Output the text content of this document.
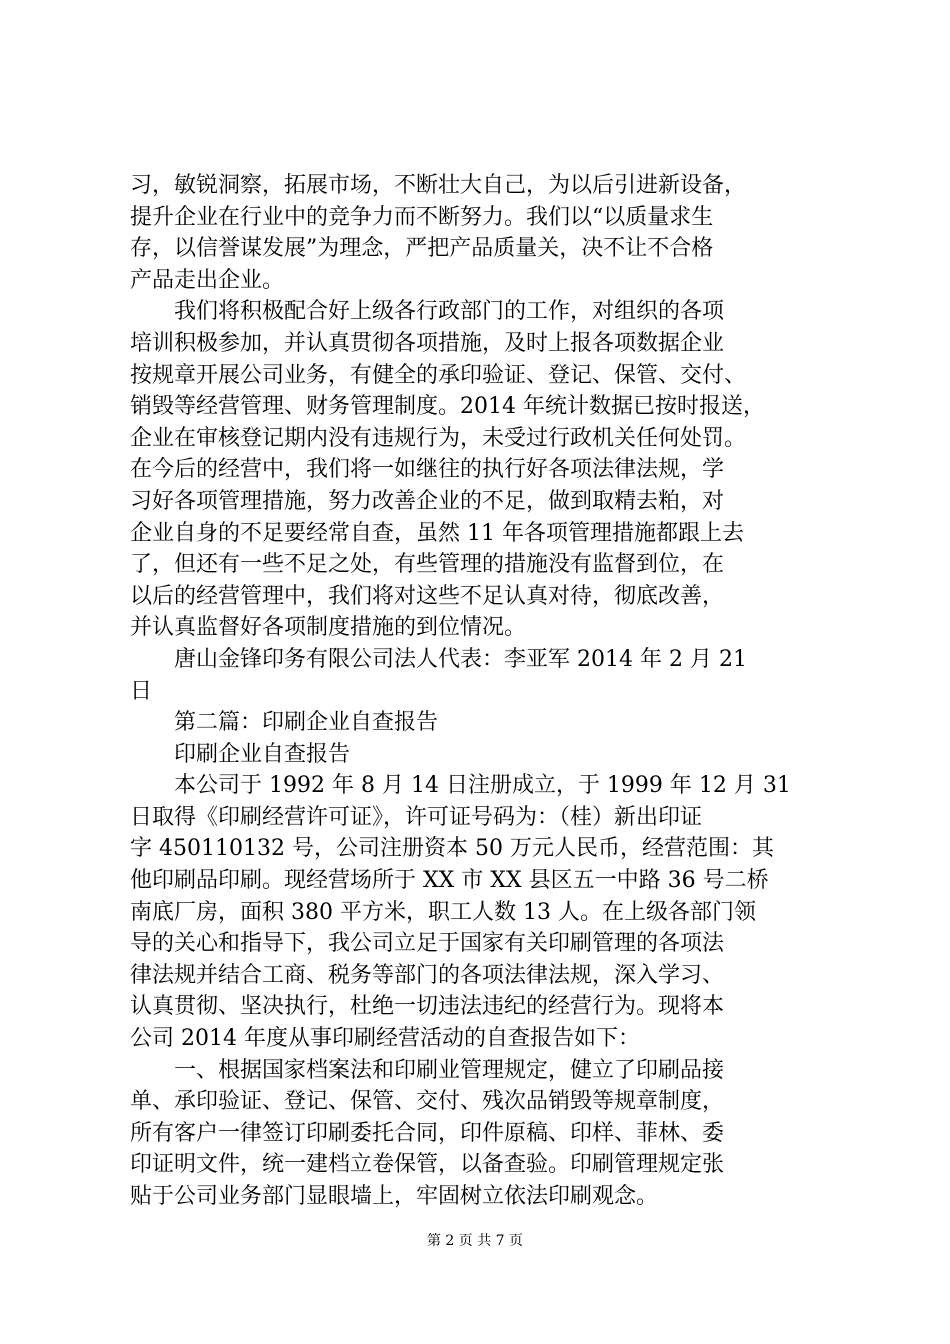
习，敏锐洞察，拓展市场，不断壮大自己，为以后引进新设备，
提升企业在行业中的竞争力而不断努力。我们以“以质量求生
存，以信誉谋发展”为理念，严把产品质量关，决不让不合格
产品走出企业。
　　我们将积极配合好上级各行政部门的工作，对组织的各项
培训积极参加，并认真贯彻各项措施，及时上报各项数据企业
按规章开展公司业务，有健全的承印验证、登记、保管、交付、
销毁等经营管理、财务管理制度。2014 年统计数据已按时报送，
企业在审核登记期内没有违规行为，未受过行政机关任何处罚。
在今后的经营中，我们将一如继往的执行好各项法律法规，学
习好各项管理措施，努力改善企业的不足，做到取精去粕，对
企业自身的不足要经常自查，虽然 11 年各项管理措施都跟上去
了，但还有一些不足之处，有些管理的措施没有监督到位，在
以后的经营管理中，我们将对这些不足认真对待，彻底改善，
并认真监督好各项制度措施的到位情况。
　　唐山金锋印务有限公司法人代表：李亚军 2014 年 2 月 21
日
　　第二篇：印刷企业自查报告
　　印刷企业自查报告
　　本公司于 1992 年 8 月 14 日注册成立，于 1999 年 12 月 31
日取得《印刷经营许可证》，许可证号码为：（桂）新出印证
字 450110132 号，公司注册资本 50 万元人民币，经营范围：其
他印刷品印刷。现经营场所于 XX 市 XX 县区五一中路 36 号二桥
南底厂房，面积 380 平方米，职工人数 13 人。在上级各部门领
导的关心和指导下，我公司立足于国家有关印刷管理的各项法
律法规并结合工商、税务等部门的各项法律法规，深入学习、
认真贯彻、坚决执行，杜绝一切违法违纪的经营行为。现将本
公司 2014 年度从事印刷经营活动的自查报告如下：
　　一、根据国家档案法和印刷业管理规定，健立了印刷品接
单、承印验证、登记、保管、交付、残次品销毁等规章制度，
所有客户一律签订印刷委托合同，印件原稿、印样、菲林、委
印证明文件，统一建档立卷保管，以备查验。印刷管理规定张
贴于公司业务部门显眼墙上，牢固树立依法印刷观念。
第 2 页 共 7 页
